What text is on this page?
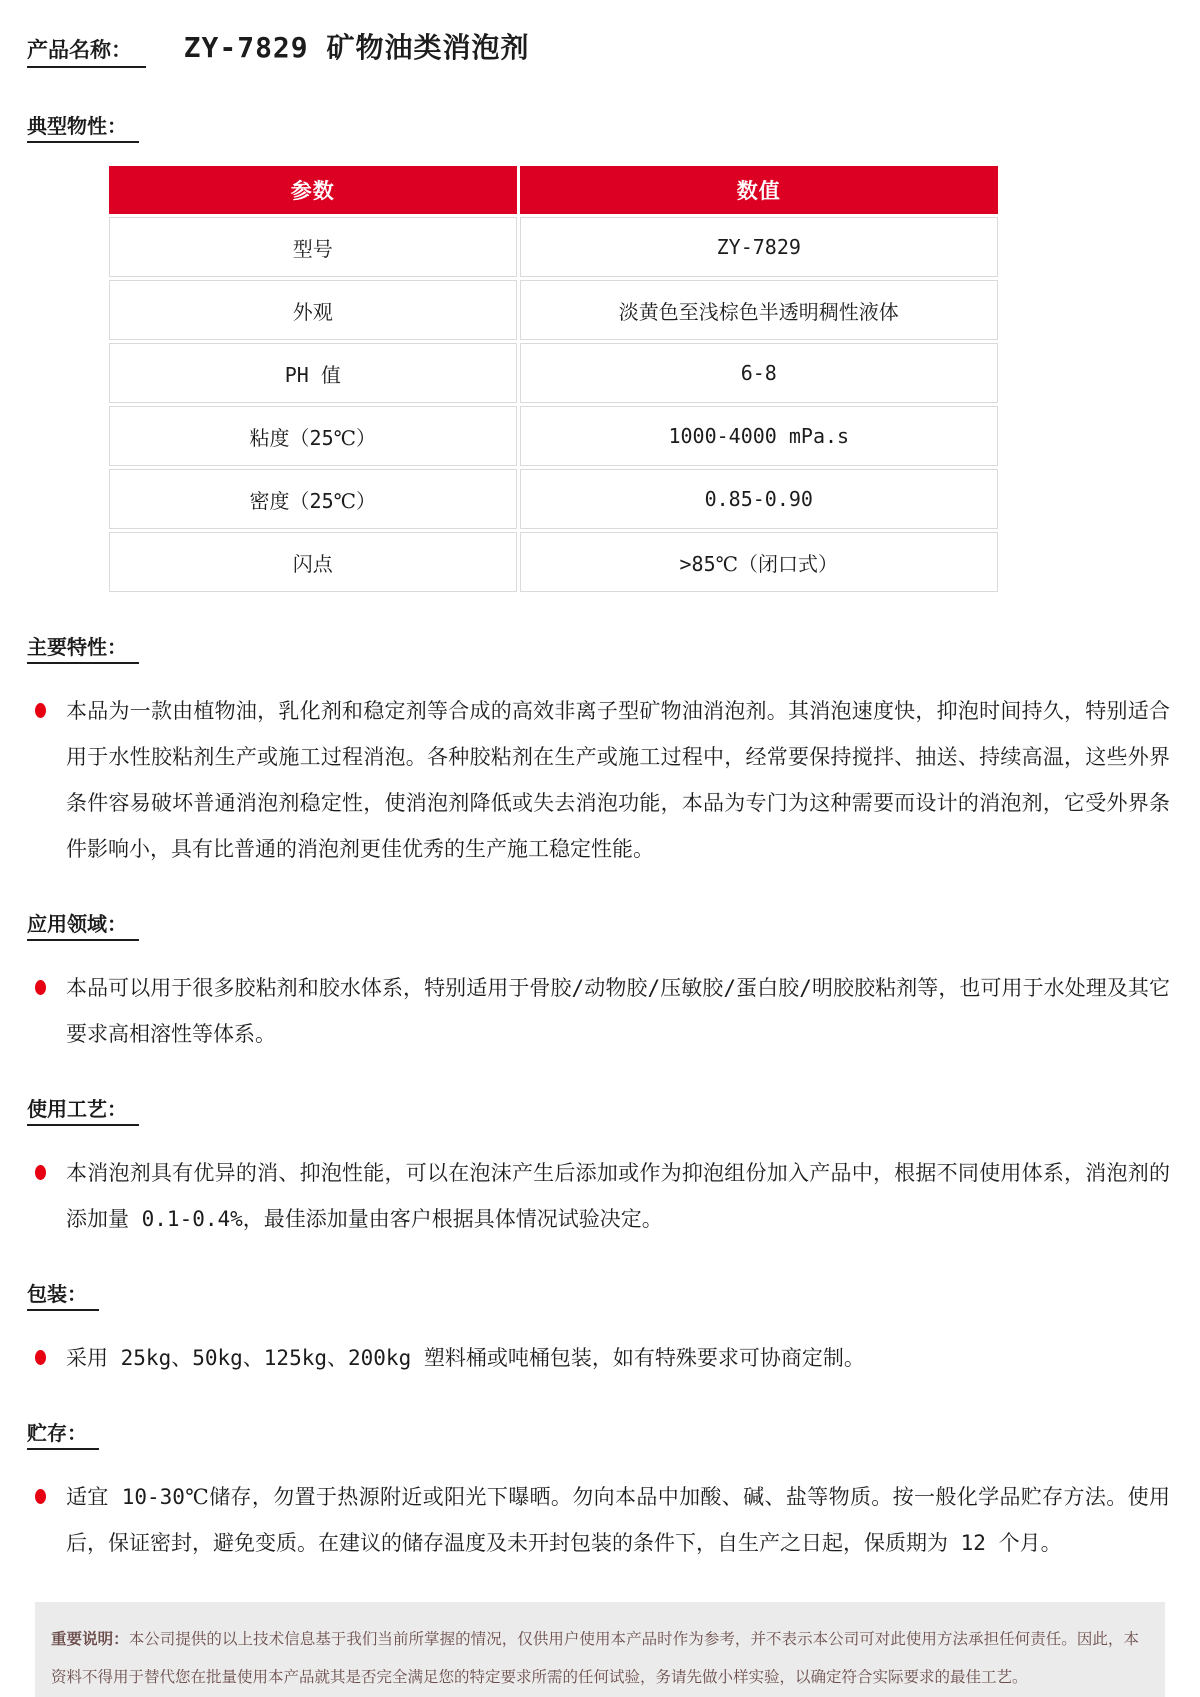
产品名称： ZY-7829 矿物油类消泡剂
典型物性：
参数	数值
型号	ZY-7829
外观	淡黄色至浅棕色半透明稠性液体
PH 值	6-8
粘度（25℃）	1000-4000 mPa.s
密度（25℃）	0.85-0.90
闪点	>85℃（闭口式）
主要特性：

本品为一款由植物油，乳化剂和稳定剂等合成的高效非离子型矿物油消泡剂。其消泡速度快，抑泡时间持久，特别适合用于水性胶粘剂生产或施工过程消泡。各种胶粘剂在生产或施工过程中，经常要保持搅拌、抽送、持续高温，这些外界条件容易破坏普通消泡剂稳定性，使消泡剂降低或失去消泡功能，本品为专门为这种需要而设计的消泡剂，它受外界条件影响小，具有比普通的消泡剂更佳优秀的生产施工稳定性能。

应用领域：

本品可以用于很多胶粘剂和胶水体系，特别适用于骨胶/动物胶/压敏胶/蛋白胶/明胶胶粘剂等，也可用于水处理及其它要求高相溶性等体系。

使用工艺：

本消泡剂具有优异的消、抑泡性能，可以在泡沫产生后添加或作为抑泡组份加入产品中，根据不同使用体系，消泡剂的添加量 0.1-0.4%，最佳添加量由客户根据具体情况试验决定。

包装：

采用 25kg、50kg、125kg、200kg 塑料桶或吨桶包装，如有特殊要求可协商定制。

贮存：

适宜 10-30℃储存，勿置于热源附近或阳光下曝晒。勿向本品中加酸、碱、盐等物质。按一般化学品贮存方法。使用后，保证密封，避免变质。在建议的储存温度及未开封包装的条件下，自生产之日起，保质期为 12 个月。

重要说明：本公司提供的以上技术信息基于我们当前所掌握的情况，仅供用户使用本产品时作为参考，并不表示本公司可对此使用方法承担任何责任。因此，本资料不得用于替代您在批量使用本产品就其是否完全满足您的特定要求所需的任何试验，务请先做小样实验，以确定符合实际要求的最佳工艺。
